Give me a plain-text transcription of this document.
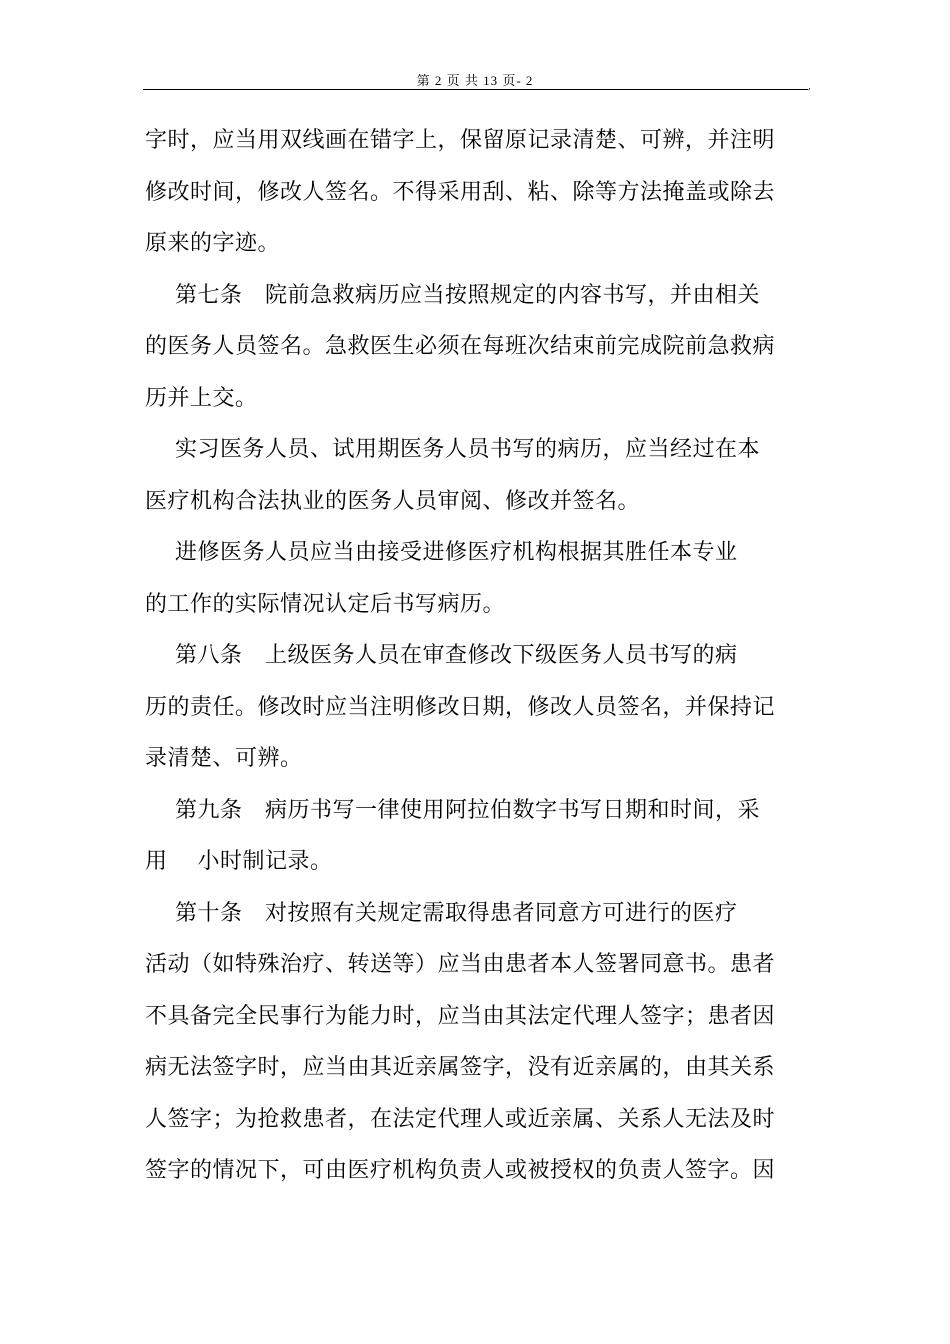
第 2 页 共 13 页- 2	,
字时，应当用双线画在错字上，保留原记录清楚、可辨，并注明
修改时间，修改人签名。不得采用刮、粘、除等方法掩盖或除去
原来的字迹。
第七条   院前急救病历应当按照规定的内容书写，并由相关
的医务人员签名。急救医生必须在每班次结束前完成院前急救病
历并上交。
实习医务人员、试用期医务人员书写的病历，应当经过在本
医疗机构合法执业的医务人员审阅、修改并签名。
进修医务人员应当由接受进修医疗机构根据其胜任本专业
的工作的实际情况认定后书写病历。
第八条   上级医务人员在审查修改下级医务人员书写的病
历的责任。修改时应当注明修改日期，修改人员签名，并保持记
录清楚、可辨。
第九条   病历书写一律使用阿拉伯数字书写日期和时间，采
用    小时制记录。
第十条   对按照有关规定需取得患者同意方可进行的医疗
活动（如特殊治疗、转送等）应当由患者本人签署同意书。患者
不具备完全民事行为能力时，应当由其法定代理人签字；患者因
病无法签字时，应当由其近亲属签字，没有近亲属的，由其关系
人签字；为抢救患者，在法定代理人或近亲属、关系人无法及时
签字的情况下，可由医疗机构负责人或被授权的负责人签字。因
